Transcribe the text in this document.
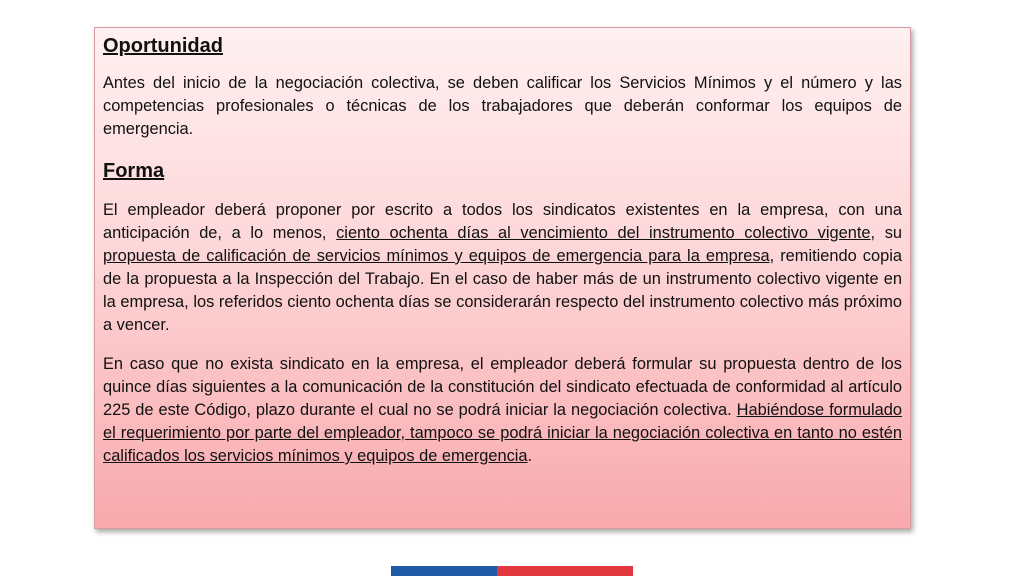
Oportunidad

Antes del inicio de la negociación colectiva, se deben calificar los Servicios Mínimos y el número y las competencias profesionales o técnicas de los trabajadores que deberán conformar los equipos de emergencia.

Forma

El empleador deberá proponer por escrito a todos los sindicatos existentes en la empresa, con una anticipación de, a lo menos, ciento ochenta días al vencimiento del instrumento colectivo vigente, su propuesta de calificación de servicios mínimos y equipos de emergencia para la empresa, remitiendo copia de la propuesta a la Inspección del Trabajo. En el caso de haber más de un instrumento colectivo vigente en la empresa, los referidos ciento ochenta días se considerarán respecto del instrumento colectivo más próximo a vencer.

En caso que no exista sindicato en la empresa, el empleador deberá formular su propuesta dentro de los quince días siguientes a la comunicación de la constitución del sindicato efectuada de conformidad al artículo 225 de este Código, plazo durante el cual no se podrá iniciar la negociación colectiva. Habiéndose formulado el requerimiento por parte del empleador, tampoco se podrá iniciar la negociación colectiva en tanto no estén calificados los servicios mínimos y equipos de emergencia.
